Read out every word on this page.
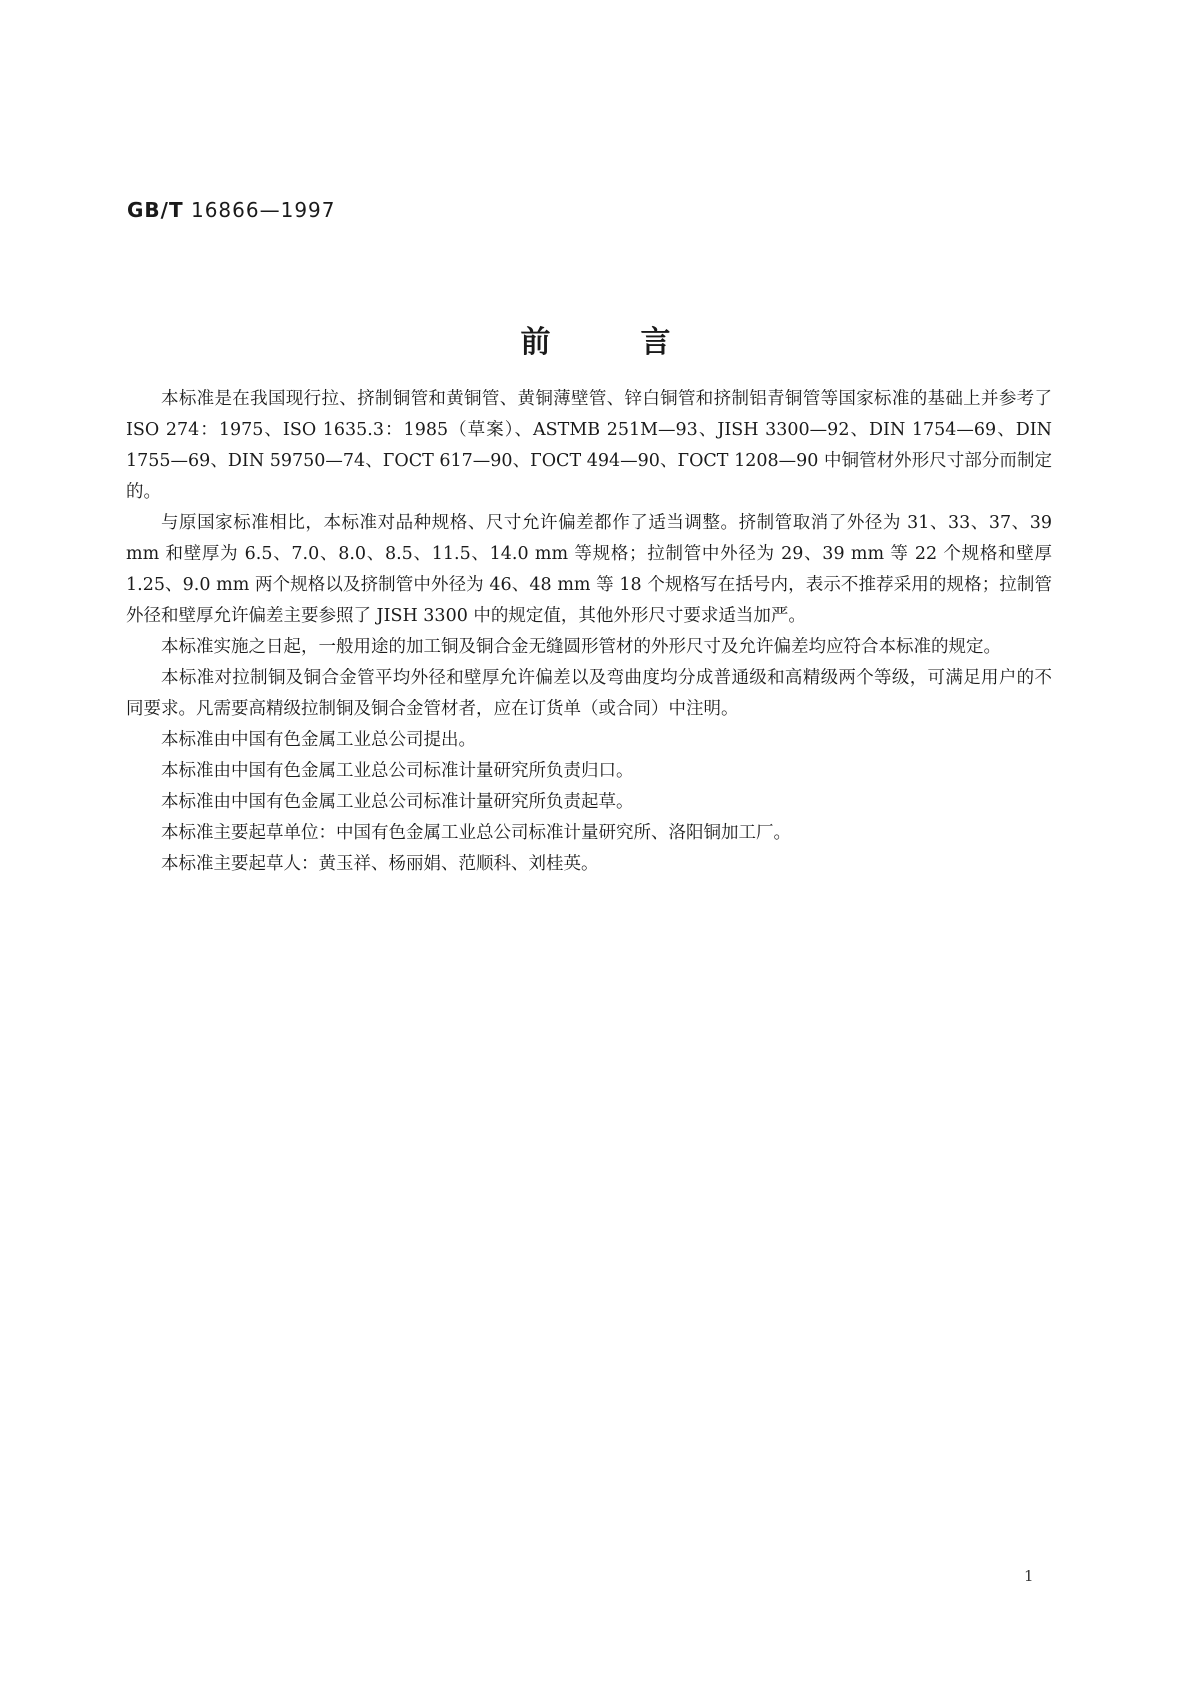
GB/T 16866—1997
前言

本标准是在我国现行拉、挤制铜管和黄铜管、黄铜薄壁管、锌白铜管和挤制铝青铜管等国家标准的基础上并参考了 ISO 274：1975、ISO 1635.3：1985（草案）、ASTMB 251M—93、JISH 3300—92、DIN 1754—69、DIN 1755—69、DIN 59750—74、ГОСТ 617—90、ГОСТ 494—90、ГОСТ 1208—90 中铜管材外形尺寸部分而制定的。

与原国家标准相比，本标准对品种规格、尺寸允许偏差都作了适当调整。挤制管取消了外径为 31、33、37、39 mm 和壁厚为 6.5、7.0、8.0、8.5、11.5、14.0 mm 等规格；拉制管中外径为 29、39 mm 等 22 个规格和壁厚 1.25、9.0 mm 两个规格以及挤制管中外径为 46、48 mm 等 18 个规格写在括号内，表示不推荐采用的规格；拉制管外径和壁厚允许偏差主要参照了 JISH 3300 中的规定值，其他外形尺寸要求适当加严。

本标准实施之日起，一般用途的加工铜及铜合金无缝圆形管材的外形尺寸及允许偏差均应符合本标准的规定。

本标准对拉制铜及铜合金管平均外径和壁厚允许偏差以及弯曲度均分成普通级和高精级两个等级，可满足用户的不同要求。凡需要高精级拉制铜及铜合金管材者，应在订货单（或合同）中注明。

本标准由中国有色金属工业总公司提出。

本标准由中国有色金属工业总公司标准计量研究所负责归口。

本标准由中国有色金属工业总公司标准计量研究所负责起草。

本标准主要起草单位：中国有色金属工业总公司标准计量研究所、洛阳铜加工厂。

本标准主要起草人：黄玉祥、杨丽娟、范顺科、刘桂英。

1
